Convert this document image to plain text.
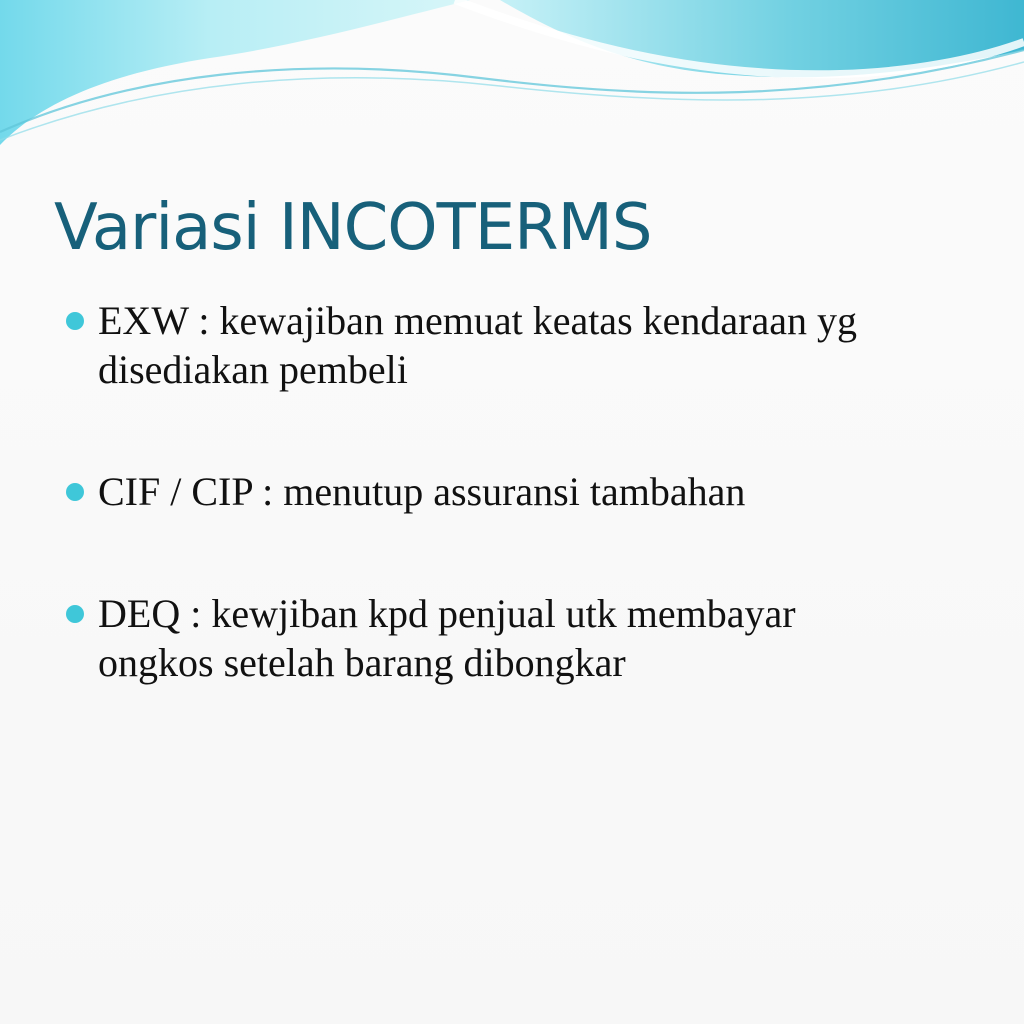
Variasi INCOTERMS
EXW : kewajiban memuat keatas kendaraan yg
disediakan pembeli
CIF / CIP : menutup assuransi tambahan
DEQ : kewjiban kpd penjual utk membayar
ongkos setelah barang dibongkar
